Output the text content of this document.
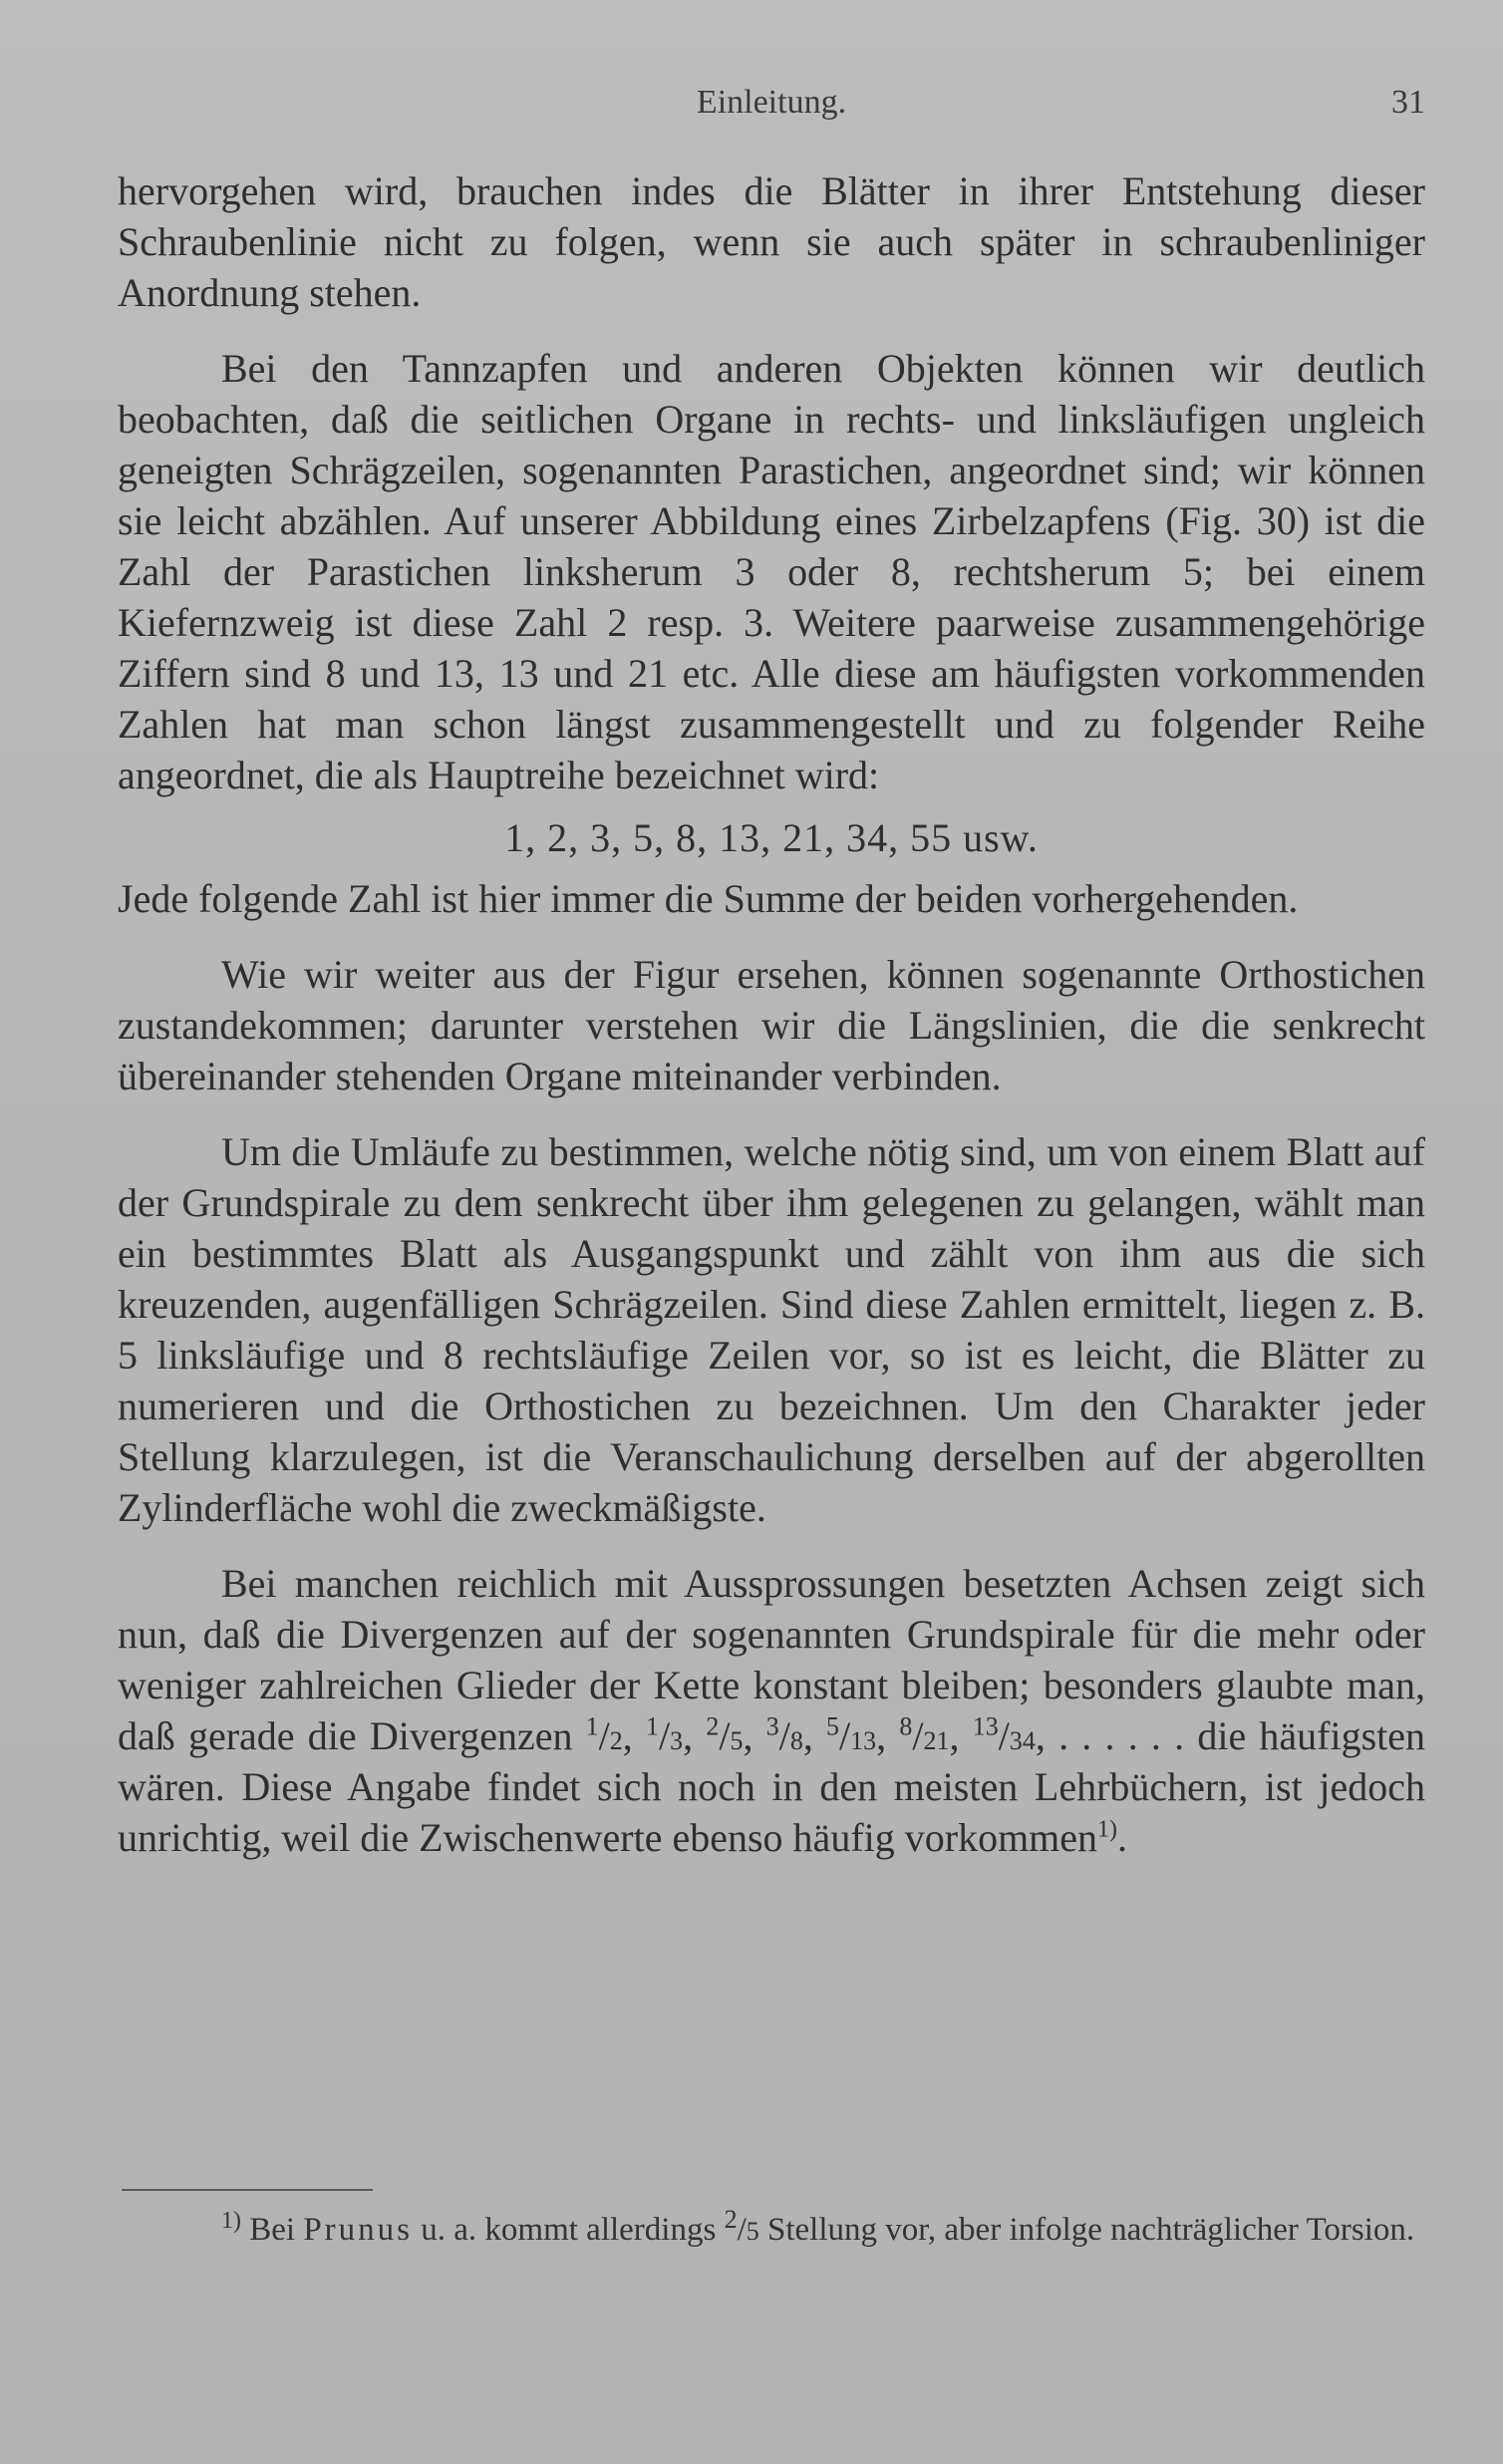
Einleitung.	31

hervorgehen wird, brauchen indes die Blätter in ihrer Entstehung dieser Schraubenlinie nicht zu folgen, wenn sie auch später in schraubenliniger Anordnung stehen.

Bei den Tannzapfen und anderen Objekten können wir deutlich beobachten, daß die seitlichen Organe in rechts- und linksläufigen ungleich geneigten Schrägzeilen, sogenannten Parastichen, angeordnet sind; wir können sie leicht abzählen. Auf unserer Abbildung eines Zirbelzapfens (Fig. 30) ist die Zahl der Parastichen linksherum 3 oder 8, rechtsherum 5; bei einem Kiefernzweig ist diese Zahl 2 resp. 3. Weitere paarweise zusammengehörige Ziffern sind 8 und 13, 13 und 21 etc. Alle diese am häufigsten vorkommenden Zahlen hat man schon längst zusammengestellt und zu folgender Reihe angeordnet, die als Hauptreihe bezeichnet wird:

1, 2, 3, 5, 8, 13, 21, 34, 55 usw.

Jede folgende Zahl ist hier immer die Summe der beiden vorhergehenden.

Wie wir weiter aus der Figur ersehen, können sogenannte Orthostichen zustandekommen; darunter verstehen wir die Längslinien, die die senkrecht übereinander stehenden Organe miteinander verbinden.

Um die Umläufe zu bestimmen, welche nötig sind, um von einem Blatt auf der Grundspirale zu dem senkrecht über ihm gelegenen zu gelangen, wählt man ein bestimmtes Blatt als Ausgangspunkt und zählt von ihm aus die sich kreuzenden, augenfälligen Schrägzeilen. Sind diese Zahlen ermittelt, liegen z. B. 5 linksläufige und 8 rechtsläufige Zeilen vor, so ist es leicht, die Blätter zu numerieren und die Orthostichen zu bezeichnen. Um den Charakter jeder Stellung klarzulegen, ist die Veranschaulichung derselben auf der abgerollten Zylinderfläche wohl die zweckmäßigste.

Bei manchen reichlich mit Aussprossungen besetzten Achsen zeigt sich nun, daß die Divergenzen auf der sogenannten Grundspirale für die mehr oder weniger zahlreichen Glieder der Kette konstant bleiben; besonders glaubte man, daß gerade die Divergenzen $^1$/2, $^1$/3, $^2$/5, $^3$/8, $^5$/13, $^8$/21, $^{13}$/34, . . . . . . die häufigsten wären. Diese Angabe findet sich noch in den meisten Lehrbüchern, ist jedoch unrichtig, weil die Zwischenwerte ebenso häufig vorkommen$^{1)}$.

$^{1)}$ Bei Prunus u. a. kommt allerdings $^2$/5 Stellung vor, aber infolge nachträglicher Torsion.
